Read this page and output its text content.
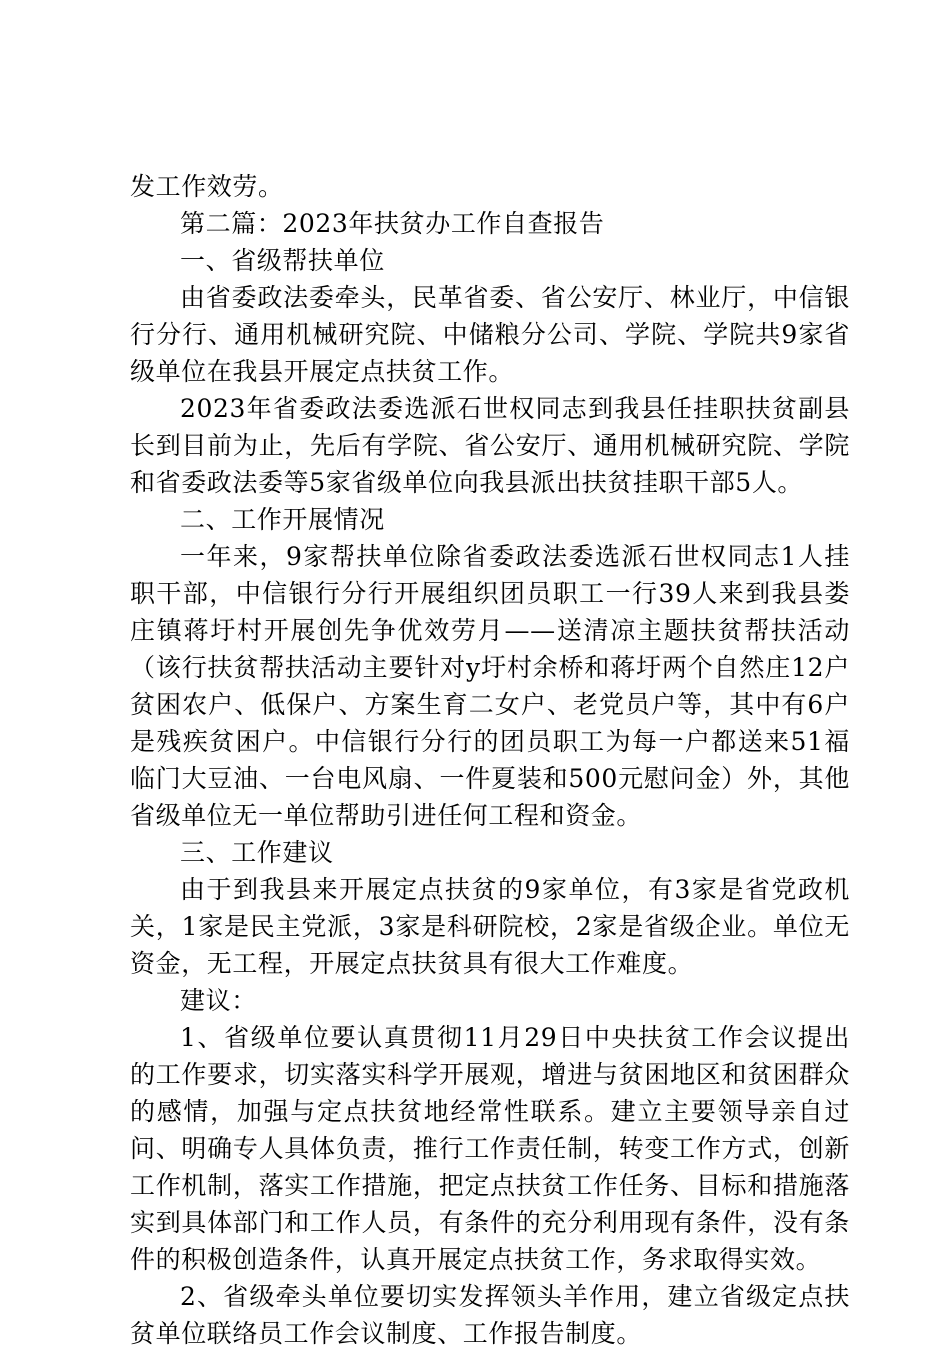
发工作效劳。

第二篇：2023年扶贫办工作自查报告

一、省级帮扶单位

由省委政法委牵头，民革省委、省公安厅、林业厅，中信银行分行、通用机械研究院、中储粮分公司、学院、学院共9家省级单位在我县开展定点扶贫工作。

2023年省委政法委选派石世权同志到我县任挂职扶贫副县长到目前为止，先后有学院、省公安厅、通用机械研究院、学院和省委政法委等5家省级单位向我县派出扶贫挂职干部5人。

二、工作开展情况

一年来，9家帮扶单位除省委政法委选派石世权同志1人挂职干部，中信银行分行开展组织团员职工一行39人来到我县娄庄镇蒋圩村开展创先争优效劳月——送清凉主题扶贫帮扶活动（该行扶贫帮扶活动主要针对y圩村余桥和蒋圩两个自然庄12户贫困农户、低保户、方案生育二女户、老党员户等，其中有6户是残疾贫困户。中信银行分行的团员职工为每一户都送来51福临门大豆油、一台电风扇、一件夏装和500元慰问金）外，其他省级单位无一单位帮助引进任何工程和资金。

三、工作建议

由于到我县来开展定点扶贫的9家单位，有3家是省党政机关，1家是民主党派，3家是科研院校，2家是省级企业。单位无资金，无工程，开展定点扶贫具有很大工作难度。

建议：

1、省级单位要认真贯彻11月29日中央扶贫工作会议提出的工作要求，切实落实科学开展观，增进与贫困地区和贫困群众的感情，加强与定点扶贫地经常性联系。建立主要领导亲自过问、明确专人具体负责，推行工作责任制，转变工作方式，创新工作机制，落实工作措施，把定点扶贫工作任务、目标和措施落实到具体部门和工作人员，有条件的充分利用现有条件，没有条件的积极创造条件，认真开展定点扶贫工作，务求取得实效。

2、省级牵头单位要切实发挥领头羊作用，建立省级定点扶贫单位联络员工作会议制度、工作报告制度。
